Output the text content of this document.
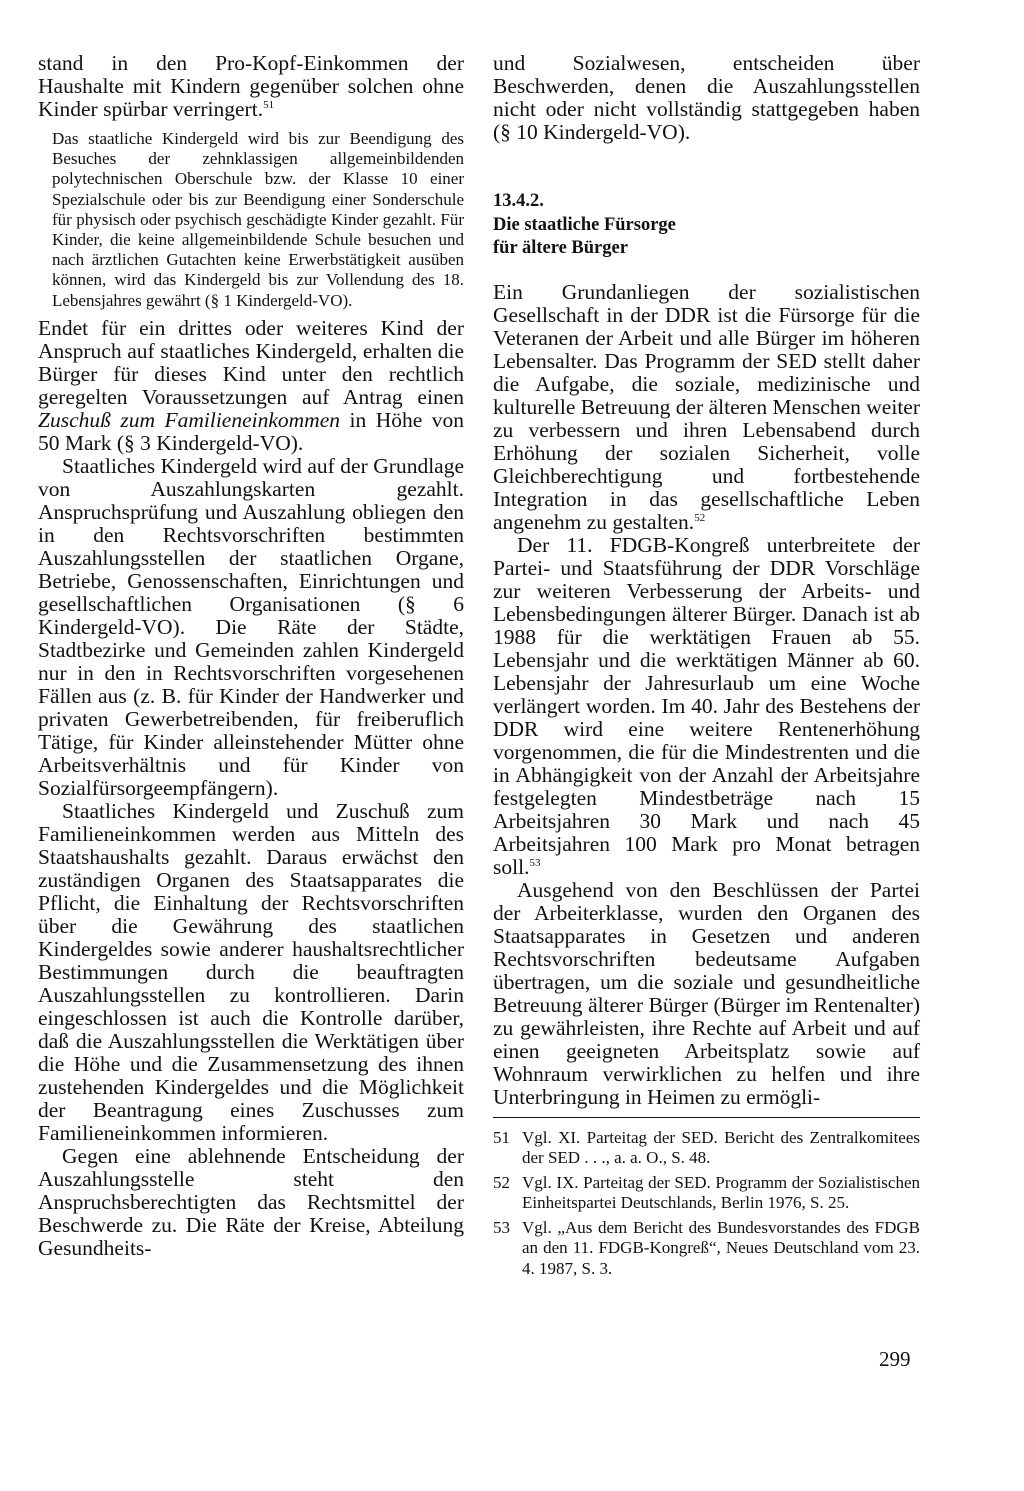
stand in den Pro-Kopf-Einkommen der Haushalte mit Kindern gegenüber solchen ohne Kinder spürbar verringert.$^{51}$

Das staatliche Kindergeld wird bis zur Beendigung des Besuches der zehnklassigen allgemeinbildenden polytechnischen Oberschule bzw. der Klasse 10 einer Spezialschule oder bis zur Beendigung einer Sonderschule für physisch oder psychisch geschädigte Kinder gezahlt. Für Kinder, die keine allgemeinbildende Schule besuchen und nach ärztlichen Gutachten keine Erwerbstätigkeit ausüben können, wird das Kindergeld bis zur Vollendung des 18. Lebensjahres gewährt (§ 1 Kindergeld-VO).

Endet für ein drittes oder weiteres Kind der Anspruch auf staatliches Kindergeld, erhalten die Bürger für dieses Kind unter den rechtlich geregelten Voraussetzungen auf Antrag einen Zuschuß zum Familieneinkommen in Höhe von 50 Mark (§ 3 Kindergeld-VO).

Staatliches Kindergeld wird auf der Grundlage von Auszahlungskarten gezahlt. Anspruchsprüfung und Auszahlung obliegen den in den Rechtsvorschriften bestimmten Auszahlungsstellen der staatlichen Organe, Betriebe, Genossenschaften, Einrichtungen und gesellschaftlichen Organisationen (§ 6 Kindergeld-VO). Die Räte der Städte, Stadtbezirke und Gemeinden zahlen Kindergeld nur in den in Rechtsvorschriften vorgesehenen Fällen aus (z. B. für Kinder der Handwerker und privaten Gewerbetreibenden, für freiberuflich Tätige, für Kinder alleinstehender Mütter ohne Arbeitsverhältnis und für Kinder von Sozialfürsorgeempfängern).

Staatliches Kindergeld und Zuschuß zum Familieneinkommen werden aus Mitteln des Staatshaushalts gezahlt. Daraus erwächst den zuständigen Organen des Staatsapparates die Pflicht, die Einhaltung der Rechtsvorschriften über die Gewährung des staatlichen Kindergeldes sowie anderer haushaltsrechtlicher Bestimmungen durch die beauftragten Auszahlungsstellen zu kontrollieren. Darin eingeschlossen ist auch die Kontrolle darüber, daß die Auszahlungsstellen die Werktätigen über die Höhe und die Zusammensetzung des ihnen zustehenden Kindergeldes und die Möglichkeit der Beantragung eines Zuschusses zum Familieneinkommen informieren.

Gegen eine ablehnende Entscheidung der Auszahlungsstelle steht den Anspruchsberechtigten das Rechtsmittel der Beschwerde zu. Die Räte der Kreise, Abteilung Gesundheits-

und Sozialwesen, entscheiden über Beschwerden, denen die Auszahlungsstellen nicht oder nicht vollständig stattgegeben haben (§ 10 Kindergeld-VO).

13.4.2.
Die staatliche Fürsorge
für ältere Bürger

Ein Grundanliegen der sozialistischen Gesellschaft in der DDR ist die Fürsorge für die Veteranen der Arbeit und alle Bürger im höheren Lebensalter. Das Programm der SED stellt daher die Aufgabe, die soziale, medizinische und kulturelle Betreuung der älteren Menschen weiter zu verbessern und ihren Lebensabend durch Erhöhung der sozialen Sicherheit, volle Gleichberechtigung und fortbestehende Integration in das gesellschaftliche Leben angenehm zu gestalten.$^{52}$

Der 11. FDGB-Kongreß unterbreitete der Partei- und Staatsführung der DDR Vorschläge zur weiteren Verbesserung der Arbeits- und Lebensbedingungen älterer Bürger. Danach ist ab 1988 für die werktätigen Frauen ab 55. Lebensjahr und die werktätigen Männer ab 60. Lebensjahr der Jahresurlaub um eine Woche verlängert worden. Im 40. Jahr des Bestehens der DDR wird eine weitere Rentenerhöhung vorgenommen, die für die Mindestrenten und die in Abhängigkeit von der Anzahl der Arbeitsjahre festgelegten Mindestbeträge nach 15 Arbeitsjahren 30 Mark und nach 45 Arbeitsjahren 100 Mark pro Monat betragen soll.$^{53}$

Ausgehend von den Beschlüssen der Partei der Arbeiterklasse, wurden den Organen des Staatsapparates in Gesetzen und anderen Rechtsvorschriften bedeutsame Aufgaben übertragen, um die soziale und gesundheitliche Betreuung älterer Bürger (Bürger im Rentenalter) zu gewährleisten, ihre Rechte auf Arbeit und auf einen geeigneten Arbeitsplatz sowie auf Wohnraum verwirklichen zu helfen und ihre Unterbringung in Heimen zu ermögli-

51 Vgl. XI. Parteitag der SED. Bericht des Zentralkomitees der SED . . ., a. a. O., S. 48.
52 Vgl. IX. Parteitag der SED. Programm der Sozialistischen Einheitspartei Deutschlands, Berlin 1976, S. 25.
53 Vgl. „Aus dem Bericht des Bundesvorstandes des FDGB an den 11. FDGB-Kongreß“, Neues Deutschland vom 23. 4. 1987, S. 3.
299
